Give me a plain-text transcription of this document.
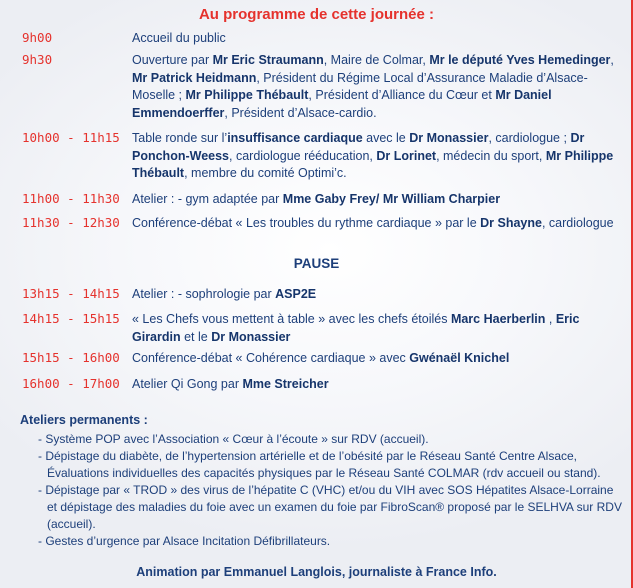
Au programme de cette journée :
9h00	Accueil du public
9h30	Ouverture par Mr Eric Straumann, Maire de Colmar, Mr le député Yves Hemedinger, Mr Patrick Heidmann, Président du Régime Local d’Assurance Maladie d’Alsace-Moselle ; Mr Philippe Thébault, Président d’Alliance du Cœur et Mr Daniel Emmendoerffer, Président d’Alsace-cardio.
10h00 - 11h15 Table ronde sur l’insuffisance cardiaque avec le Dr Monassier, cardiologue ; Dr Ponchon-Weess, cardiologue rééducation, Dr Lorinet, médecin du sport, Mr Philippe Thébault, membre du comité Optimi’c.
11h00 - 11h30 Atelier : - gym adaptée par Mme Gaby Frey/ Mr William Charpier
11h30 - 12h30 Conférence-débat « Les troubles du rythme cardiaque » par le Dr Shayne, cardiologue
PAUSE
13h15 - 14h15 Atelier : - sophrologie par ASP2E
14h15 - 15h15 « Les Chefs vous mettent à table » avec les chefs étoilés Marc Haerberlin , Eric Girardin et le Dr Monassier
15h15 - 16h00 Conférence-débat « Cohérence cardiaque » avec Gwénaël Knichel
16h00 - 17h00 Atelier Qi Gong par Mme Streicher
Ateliers permanents :
- Système POP avec l’Association « Cœur à l’écoute » sur RDV (accueil).
- Dépistage du diabète, de l’hypertension artérielle et de l’obésité par le Réseau Santé Centre Alsace, Évaluations individuelles des capacités physiques par le Réseau Santé COLMAR (rdv accueil ou stand).
- Dépistage par « TROD » des virus de l’hépatite C (VHC) et/ou du VIH avec SOS Hépatites Alsace-Lorraine et dépistage des maladies du foie avec un examen du foie par FibroScan® proposé par le SELHVA sur RDV (accueil).
- Gestes d’urgence par Alsace Incitation Défibrillateurs.
Animation par Emmanuel Langlois, journaliste à France Info.
